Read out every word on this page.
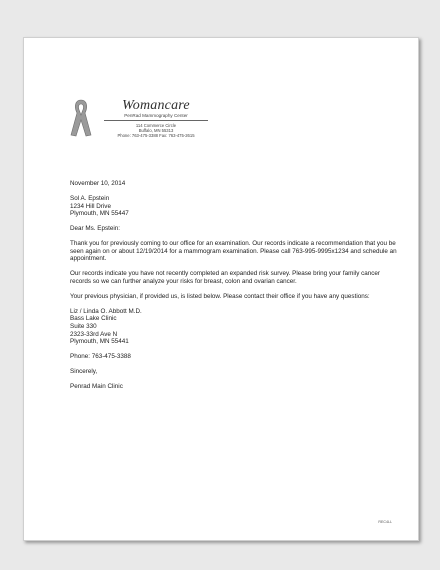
Womancare
PenRad Mammography Center
114 Commerce Circle
Buffalo, MN 55313
Phone: 763-475-3388 Fax: 763-475-2615

November 10, 2014

Sol A. Epstein

1234 Hill Drive

Plymouth, MN 55447

Dear Ms. Epstein:

Thank you for previously coming to our office for an examination. Our records indicate a recommendation that you be seen again on or about 12/19/2014 for a mammogram examination. Please call 763-995-9995x1234 and schedule an appointment.

Our records indicate you have not recently completed an expanded risk survey. Please bring your family cancer records so we can further analyze your risks for breast, colon and ovarian cancer.

Your previous physician, if provided us, is listed below. Please contact their office if you have any questions:

Liz / Linda O. Abbott M.D.

Bass Lake Clinic

Suite 330

2323-33rd Ave N

Plymouth, MN 55441

Phone: 763-475-3388

Sincerely,

Penrad Main Clinic

REC4LL
